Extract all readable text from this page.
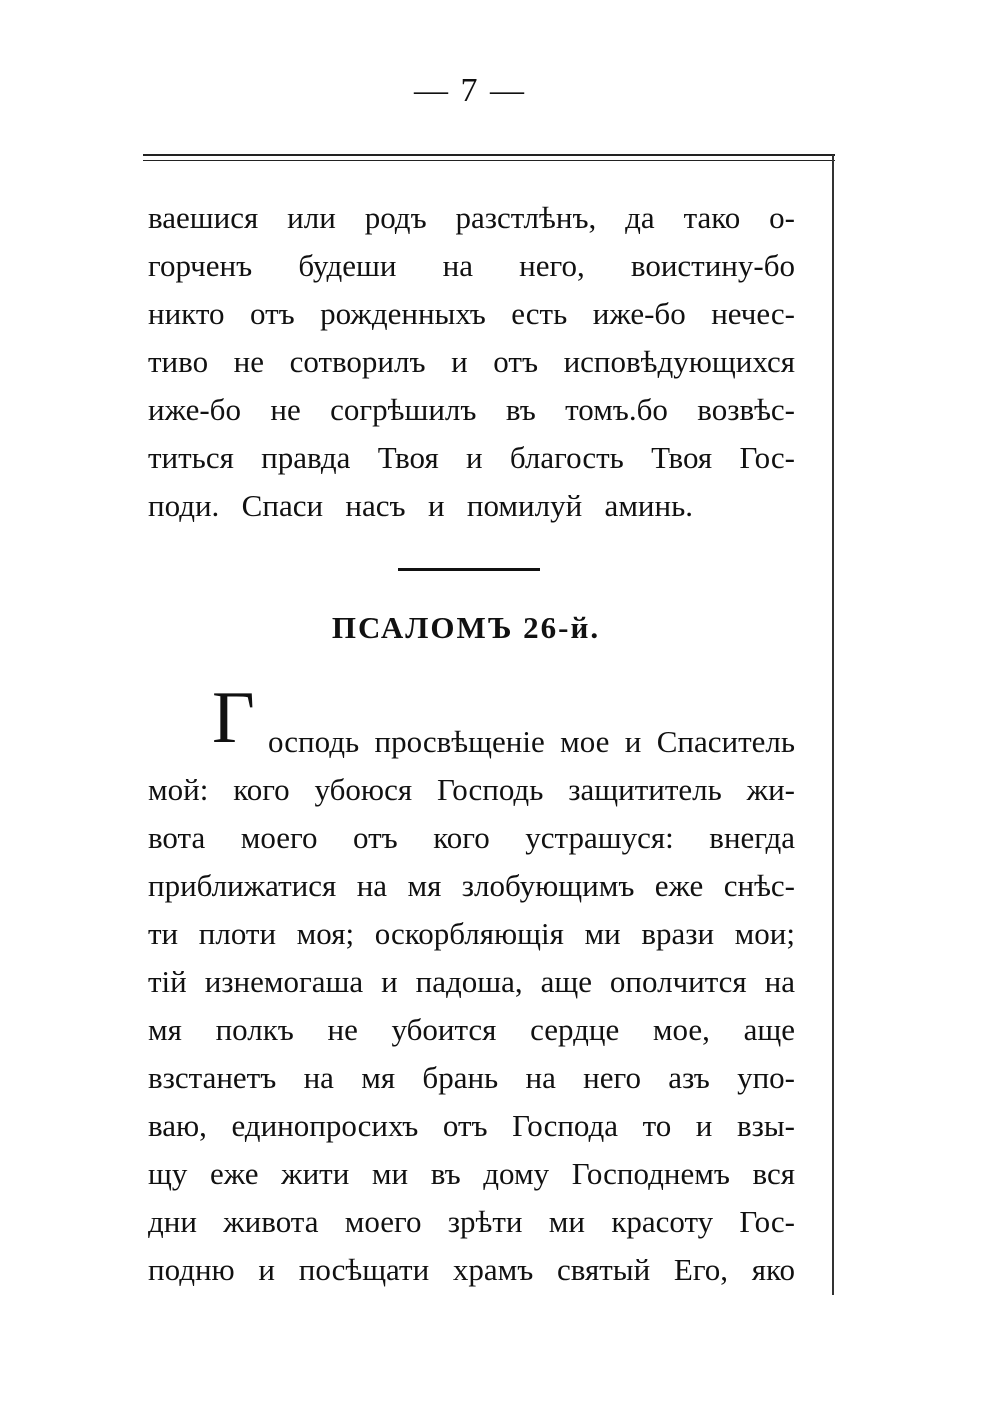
— 7 —
ваешися или родъ разстлѣнъ, да тако о-
горченъ будеши на него, воистину-бо
никто отъ рожденныхъ есть иже-бо нечес-
тиво не сотворилъ и отъ исповѣдующихся
иже-бо не согрѣшилъ въ томъ.бо возвѣс-
титься правда Твоя и благость Твоя Гос-
поди. Спаси насъ и помилуй аминь.
ПСАЛОМЪ 26-й.
Г осподь просвѣщеніе мое и Спаситель
мой: кого убоюся Господь защититель жи-
вота моего отъ кого устрашуся: внегда
приближатися на мя злобующимъ еже снѣс-
ти плоти моя; оскорбляющія ми врази мои;
тій изнемогаша и падоша, аще ополчится на
мя полкъ не убоится сердце мое, аще
взстанетъ на мя брань на него азъ упо-
ваю, единопросихъ отъ Господа то и взы-
щу еже жити ми въ дому Господнемъ вся
дни живота моего зрѣти ми красоту Гос-
подню и посѣщати храмъ святый Его, яко
